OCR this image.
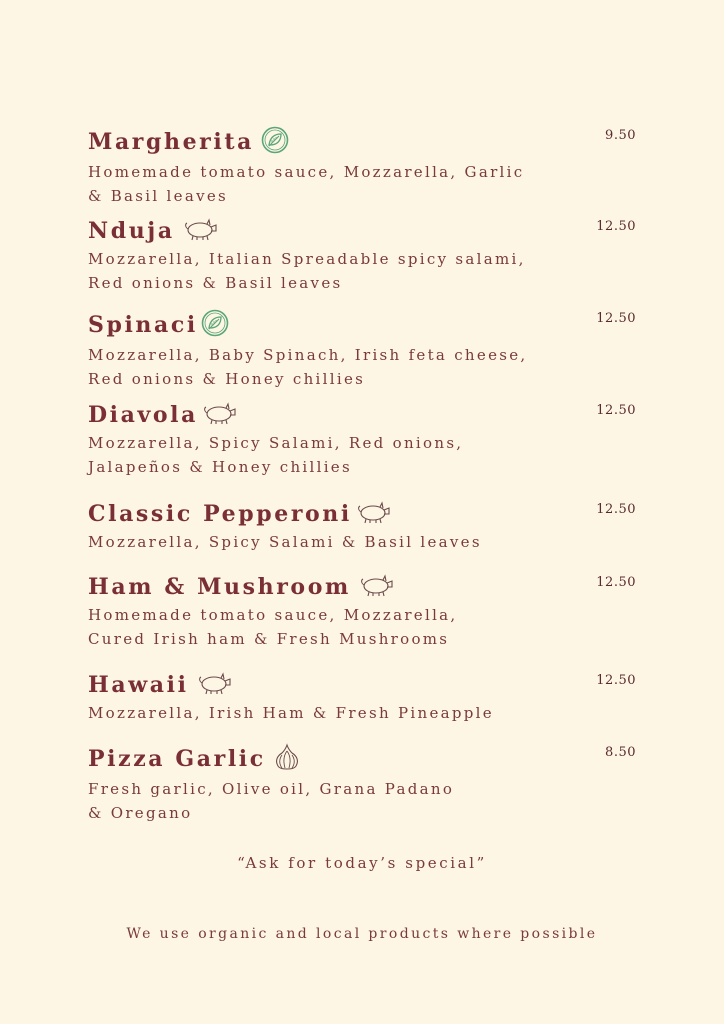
Margherita	9.50
Homemade tomato sauce, Mozzarella, Garlic
& Basil leaves
Nduja	12.50
Mozzarella, Italian Spreadable spicy salami,
Red onions & Basil leaves
Spinaci	12.50
Mozzarella, Baby Spinach, Irish feta cheese,
Red onions & Honey chillies
Diavola	12.50
Mozzarella, Spicy Salami, Red onions,
Jalapeños & Honey chillies
Classic Pepperoni	12.50
Mozzarella, Spicy Salami & Basil leaves
Ham & Mushroom	12.50
Homemade tomato sauce, Mozzarella,
Cured Irish ham & Fresh Mushrooms
Hawaii	12.50
Mozzarella, Irish Ham & Fresh Pineapple
Pizza Garlic	8.50
Fresh garlic, Olive oil, Grana Padano
& Oregano
“Ask for today’s special”
We use organic and local products where possible
